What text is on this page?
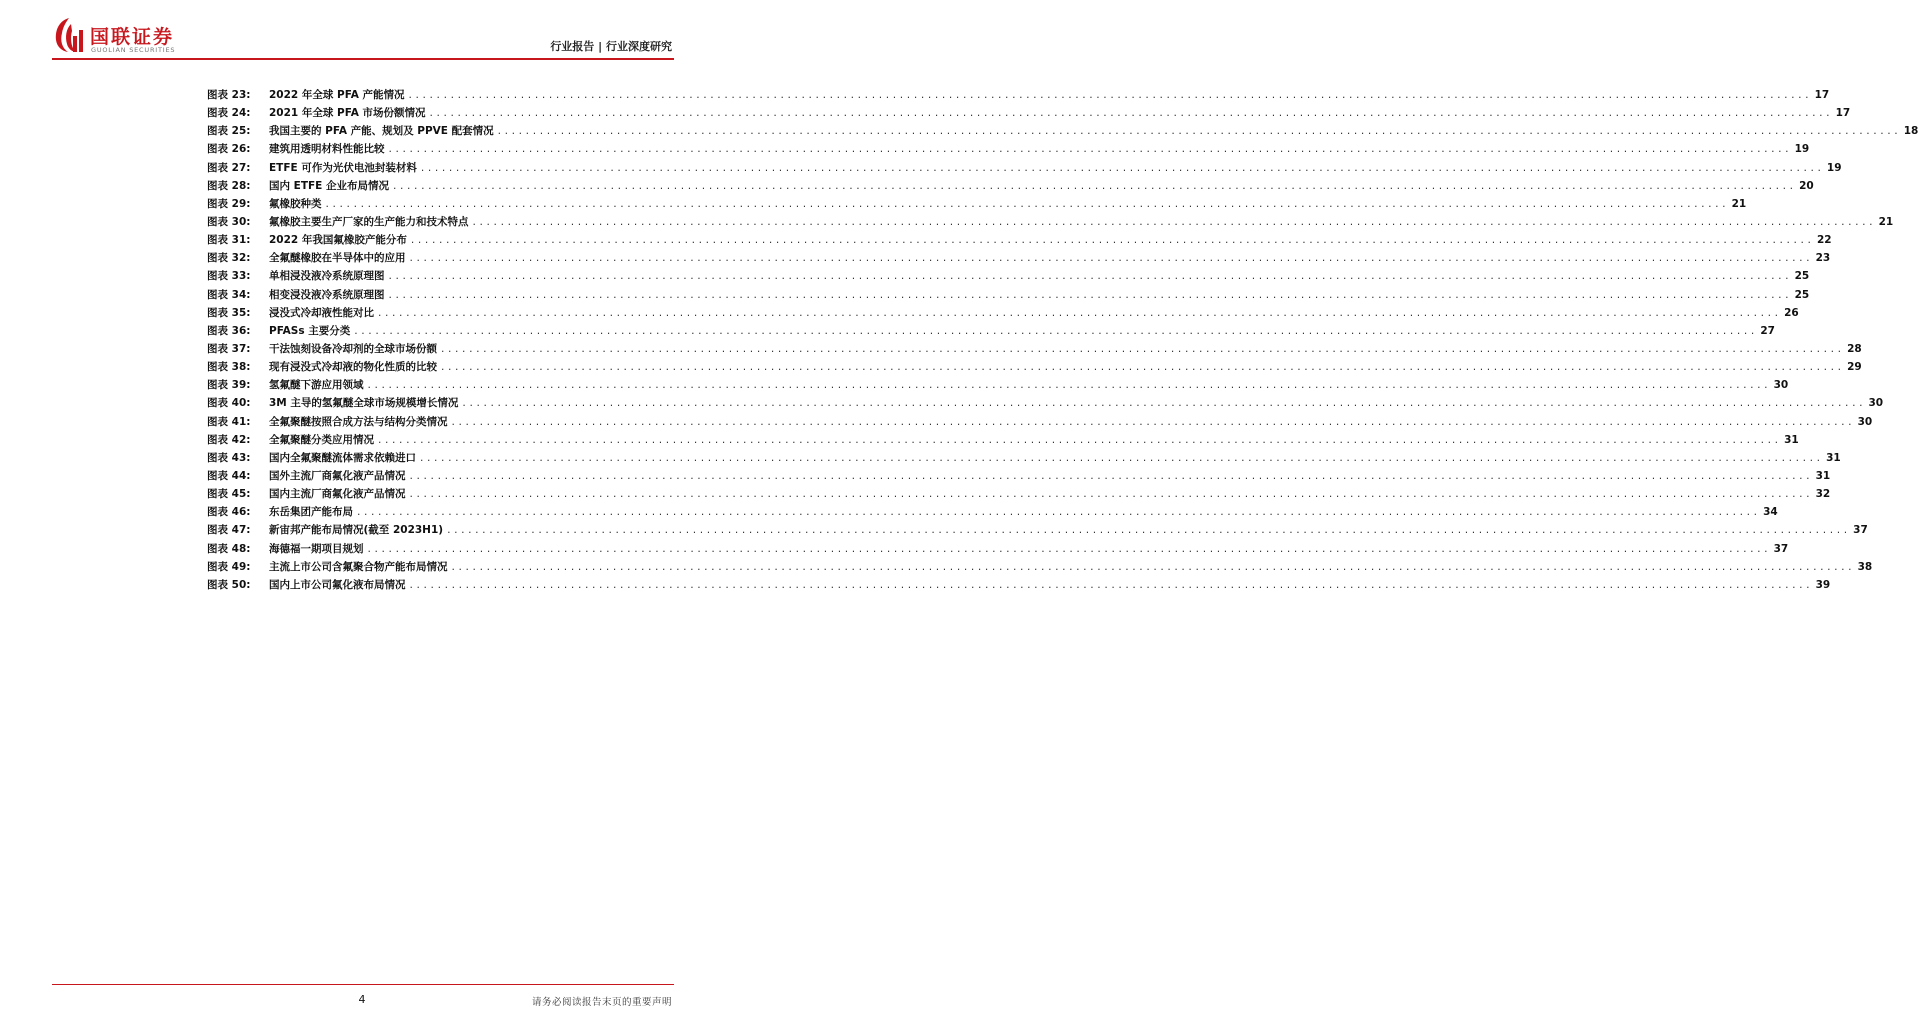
国联证券
GUOLIAN SECURITIES	行业报告 | 行业深度研究
图表 23:	2022 年全球 PFA 产能情况 ........................................................................................................................................................................................................ 17
图表 24:	2021 年全球 PFA 市场份额情况 ........................................................................................................................................................................................................ 17
图表 25:	我国主要的 PFA 产能、规划及 PPVE 配套情况 ........................................................................................................................................................................................................ 18
图表 26:	建筑用透明材料性能比较 ........................................................................................................................................................................................................ 19
图表 27:	ETFE 可作为光伏电池封装材料 ........................................................................................................................................................................................................ 19
图表 28:	国内 ETFE 企业布局情况 ........................................................................................................................................................................................................ 20
图表 29:	氟橡胶种类 ........................................................................................................................................................................................................ 21
图表 30:	氟橡胶主要生产厂家的生产能力和技术特点 ........................................................................................................................................................................................................ 21
图表 31:	2022 年我国氟橡胶产能分布 ........................................................................................................................................................................................................ 22
图表 32:	全氟醚橡胶在半导体中的应用 ........................................................................................................................................................................................................ 23
图表 33:	单相浸没液冷系统原理图 ........................................................................................................................................................................................................ 25
图表 34:	相变浸没液冷系统原理图 ........................................................................................................................................................................................................ 25
图表 35:	浸没式冷却液性能对比 ........................................................................................................................................................................................................ 26
图表 36:	PFASs 主要分类 ........................................................................................................................................................................................................ 27
图表 37:	干法蚀刻设备冷却剂的全球市场份额 ........................................................................................................................................................................................................ 28
图表 38:	现有浸没式冷却液的物化性质的比较 ........................................................................................................................................................................................................ 29
图表 39:	氢氟醚下游应用领域 ........................................................................................................................................................................................................ 30
图表 40:	3M 主导的氢氟醚全球市场规模增长情况 ........................................................................................................................................................................................................ 30
图表 41:	全氟聚醚按照合成方法与结构分类情况 ........................................................................................................................................................................................................ 30
图表 42:	全氟聚醚分类应用情况 ........................................................................................................................................................................................................ 31
图表 43:	国内全氟聚醚流体需求依赖进口 ........................................................................................................................................................................................................ 31
图表 44:	国外主流厂商氟化液产品情况 ........................................................................................................................................................................................................ 31
图表 45:	国内主流厂商氟化液产品情况 ........................................................................................................................................................................................................ 32
图表 46:	东岳集团产能布局 ........................................................................................................................................................................................................ 34
图表 47:	新宙邦产能布局情况(截至 2023H1) ........................................................................................................................................................................................................ 37
图表 48:	海德福一期项目规划 ........................................................................................................................................................................................................ 37
图表 49:	主流上市公司含氟聚合物产能布局情况 ........................................................................................................................................................................................................ 38
图表 50:	国内上市公司氟化液布局情况 ........................................................................................................................................................................................................ 39
4	请务必阅读报告末页的重要声明
